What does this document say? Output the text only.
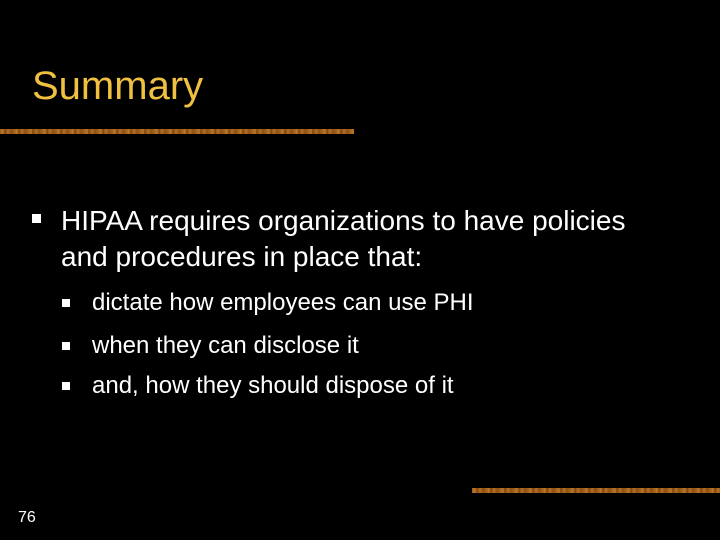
Summary
HIPAA requires organizations to have policies and procedures in place that:
dictate how employees can use PHI
when they can disclose it
and, how they should dispose of it
76
